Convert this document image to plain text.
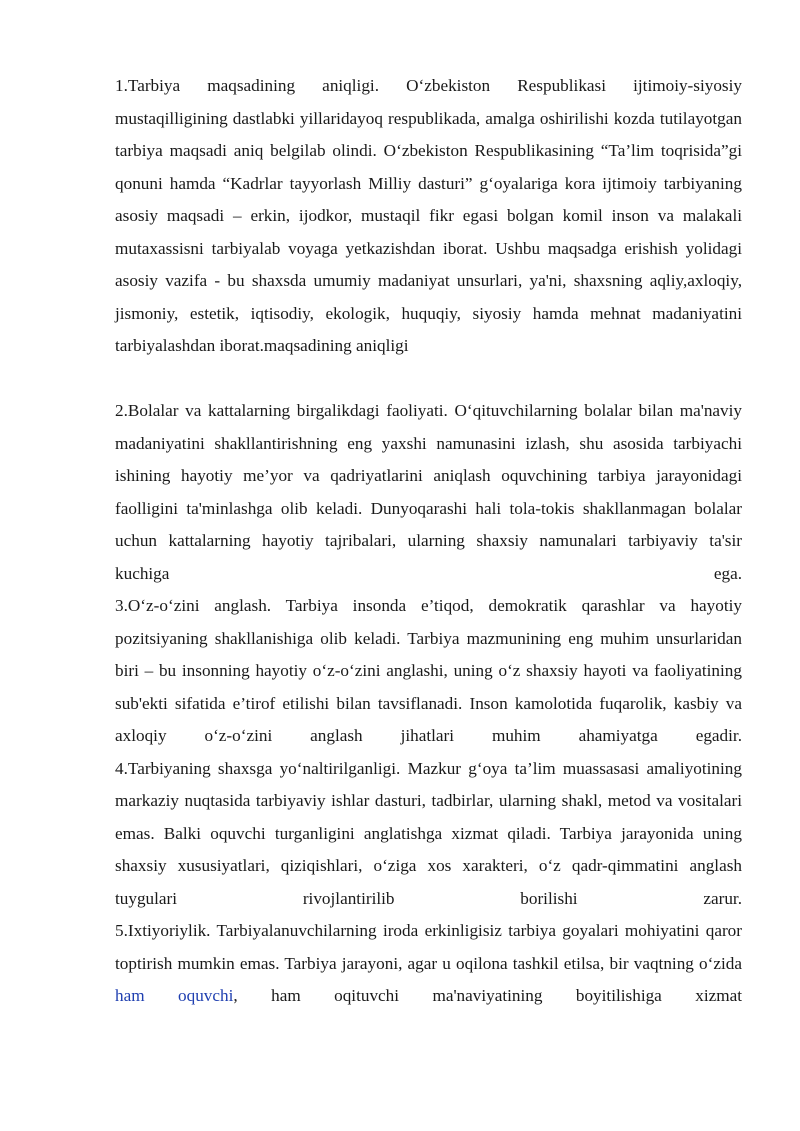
1.Tarbiya maqsadining aniqligi. O‘zbekiston Respublikasi ijtimoiy-siyosiy mustaqilligining dastlabki yillaridayoq respublikada, amalga oshirilishi kozda tutilayotgan tarbiya maqsadi aniq belgilab olindi. O‘zbekiston Respublikasining “Ta’lim toqrisida”gi qonuni hamda “Kadrlar tayyorlash Milliy dasturi” g‘oyalariga kora ijtimoiy tarbiyaning asosiy maqsadi – erkin, ijodkor, mustaqil fikr egasi bolgan komil inson va malakali mutaxassisni tarbiyalab voyaga yetkazishdan iborat. Ushbu maqsadga erishish yolidagi asosiy vazifa - bu shaxsda umumiy madaniyat unsurlari, ya'ni, shaxsning aqliy,axloqiy, jismoniy, estetik, iqtisodiy, ekologik, huquqiy, siyosiy hamda mehnat madaniyatini tarbiyalashdan iborat.maqsadining aniqligi

2.Bolalar va kattalarning birgalikdagi faoliyati. O‘qituvchilarning bolalar bilan ma'naviy madaniyatini shakllantirishning eng yaxshi namunasini izlash, shu asosida tarbiyachi ishining hayotiy me’yor va qadriyatlarini aniqlash oquvchining tarbiya jarayonidagi faolligini ta'minlashga olib keladi. Dunyoqarashi hali tola-tokis shakllanmagan bolalar uchun kattalarning hayotiy tajribalari, ularning shaxsiy namunalari tarbiyaviy ta'sir kuchiga ega.

3.O‘z-o‘zini anglash. Tarbiya insonda e’tiqod, demokratik qarashlar va hayotiy pozitsiyaning shakllanishiga olib keladi. Tarbiya mazmunining eng muhim unsurlaridan biri – bu insonning hayotiy o‘z-o‘zini anglashi, uning o‘z shaxsiy hayoti va faoliyatining sub'ekti sifatida e’tirof etilishi bilan tavsiflanadi. Inson kamolotida fuqarolik, kasbiy va axloqiy o‘z-o‘zini anglash jihatlari muhim ahamiyatga egadir.

4.Tarbiyaning shaxsga yo‘naltirilganligi. Mazkur g‘oya ta’lim muassasasi amaliyotining markaziy nuqtasida tarbiyaviy ishlar dasturi, tadbirlar, ularning shakl, metod va vositalari emas. Balki oquvchi turganligini anglatishga xizmat qiladi. Tarbiya jarayonida uning shaxsiy xususiyatlari, qiziqishlari, o‘ziga xos xarakteri, o‘z qadr-qimmatini anglash tuygulari rivojlantirilib borilishi zarur.

5.Ixtiyoriylik. Tarbiyalanuvchilarning iroda erkinligisiz tarbiya goyalari mohiyatini qaror toptirish mumkin emas. Tarbiya jarayoni, agar u oqilona tashkil etilsa, bir vaqtning o‘zida ham oquvchi, ham oqituvchi ma'naviyatining boyitilishiga xizmat
